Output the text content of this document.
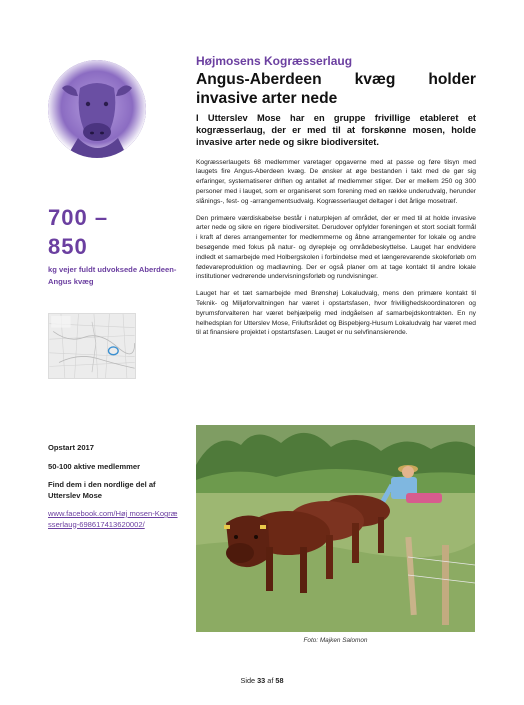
700 –
850
kg vejer fuldt udvoksede Aberdeen-Angus kvæg
Opstart 2017
50-100 aktive medlemmer
Find dem i den nordlige del af Utterslev Mose
www.facebook.com/Høj mosen-Kogræsserlaug-698617413620002/
Højmosens Kogræsserlaug
Angus-Aberdeen kvæg holder invasive arter nede
I Utterslev Mose har en gruppe frivillige etableret et kogræsserlaug, der er med til at forskønne mosen, holde invasive arter nede og sikre biodiversitet.

Kogræsserlaugets 68 medlemmer varetager opgaverne med at passe og føre tilsyn med laugets fire Angus-Aberdeen kvæg. De ønsker at øge bestanden i takt med de gør sig erfaringer, systematiserer driften og antallet af medlemmer stiger. Der er mellem 250 og 300 personer med i lauget, som er organiseret som forening med en række underudvalg, herunder slånings-, fest- og -arrangementsudvalg. Kogræsserlauget deltager i det årlige mosetræf.

Den primære værdiskabelse består i naturplejen af området, der er med til at holde invasive arter nede og sikre en rigere biodiversitet. Derudover opfylder foreningen et stort socialt formål i kraft af deres arrangementer for medlemmerne og åbne arrangementer for lokale og andre besøgende med fokus på natur- og dyrepleje og områdebeskyttelse. Lauget har endvidere indledt et samarbejde med Holbergskolen i forbindelse med et længerevarende skoleforløb om fødevareproduktion og madlavning. Der er også planer om at tage kontakt til andre lokale institutioner vedrørende undervisningsforløb og rundvisninger.

Lauget har et tæt samarbejde med Brønshøj Lokaludvalg, mens den primære kontakt til Teknik- og Miljøforvaltningen har været i opstartsfasen, hvor frivillighedskoordinatoren og byrumsforvalteren har været behjælpelig med indgåelsen af samarbejdskontrakten. En ny helhedsplan for Utterslev Mose, Friluftsrådet og Bispebjerg-Husum Lokaludvalg har været med til at finansiere projektet i opstartsfasen. Lauget er nu selvfinansierende.

Foto: Majken Salomon
Side 33 af 58
